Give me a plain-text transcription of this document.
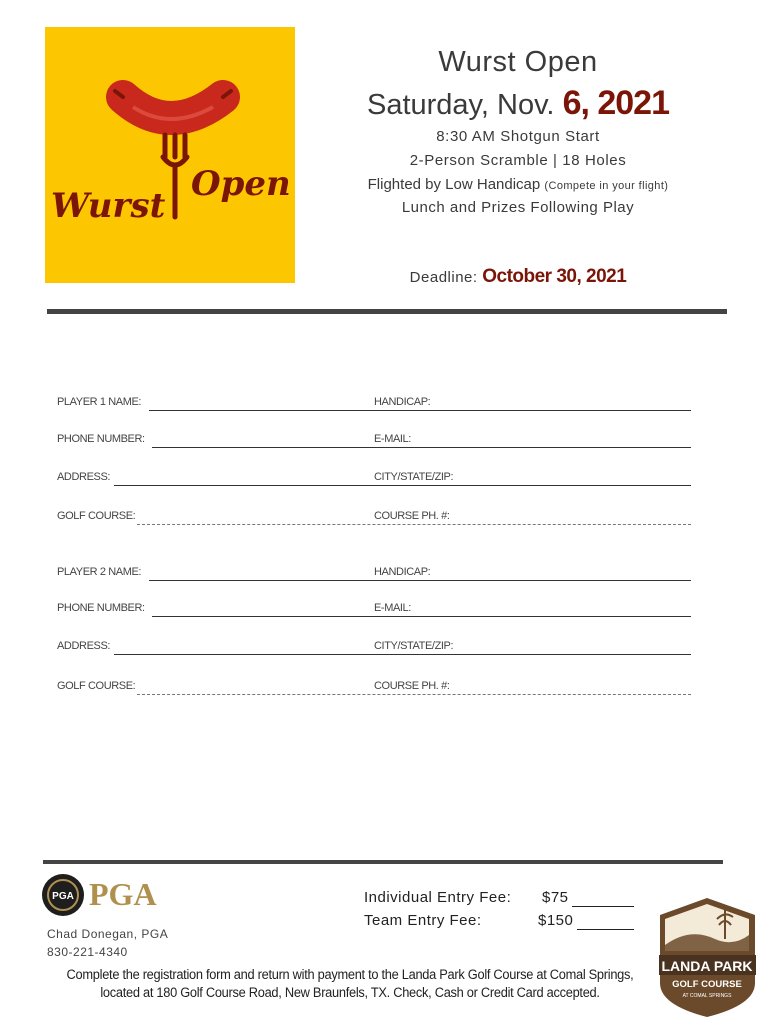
Wurst
Open
Wurst Open
Saturday, Nov. 6, 2021
8:30 AM Shotgun Start
2-Person Scramble | 18 Holes
Flighted by Low Handicap (Compete in your flight)
Lunch and Prizes Following Play
Deadline: October 30, 2021
PLAYER 1 NAME:	HANDICAP:
PHONE NUMBER:	E-MAIL:
ADDRESS:	CITY/STATE/ZIP:
GOLF COURSE:	COURSE PH. #:
PLAYER 2 NAME:	HANDICAP:
PHONE NUMBER:	E-MAIL:
ADDRESS:	CITY/STATE/ZIP:
GOLF COURSE:	COURSE PH. #:
PGA PGA
Chad Donegan, PGA
830-221-4340
Individual Entry Fee: $75
Team Entry Fee:	$150
Complete the registration form and return with payment to the Landa Park Golf Course at Comal Springs,
located at 180 Golf Course Road, New Braunfels, TX. Check, Cash or Credit Card accepted.
LANDA PARK
GOLF COURSE
AT COMAL SPRINGS
